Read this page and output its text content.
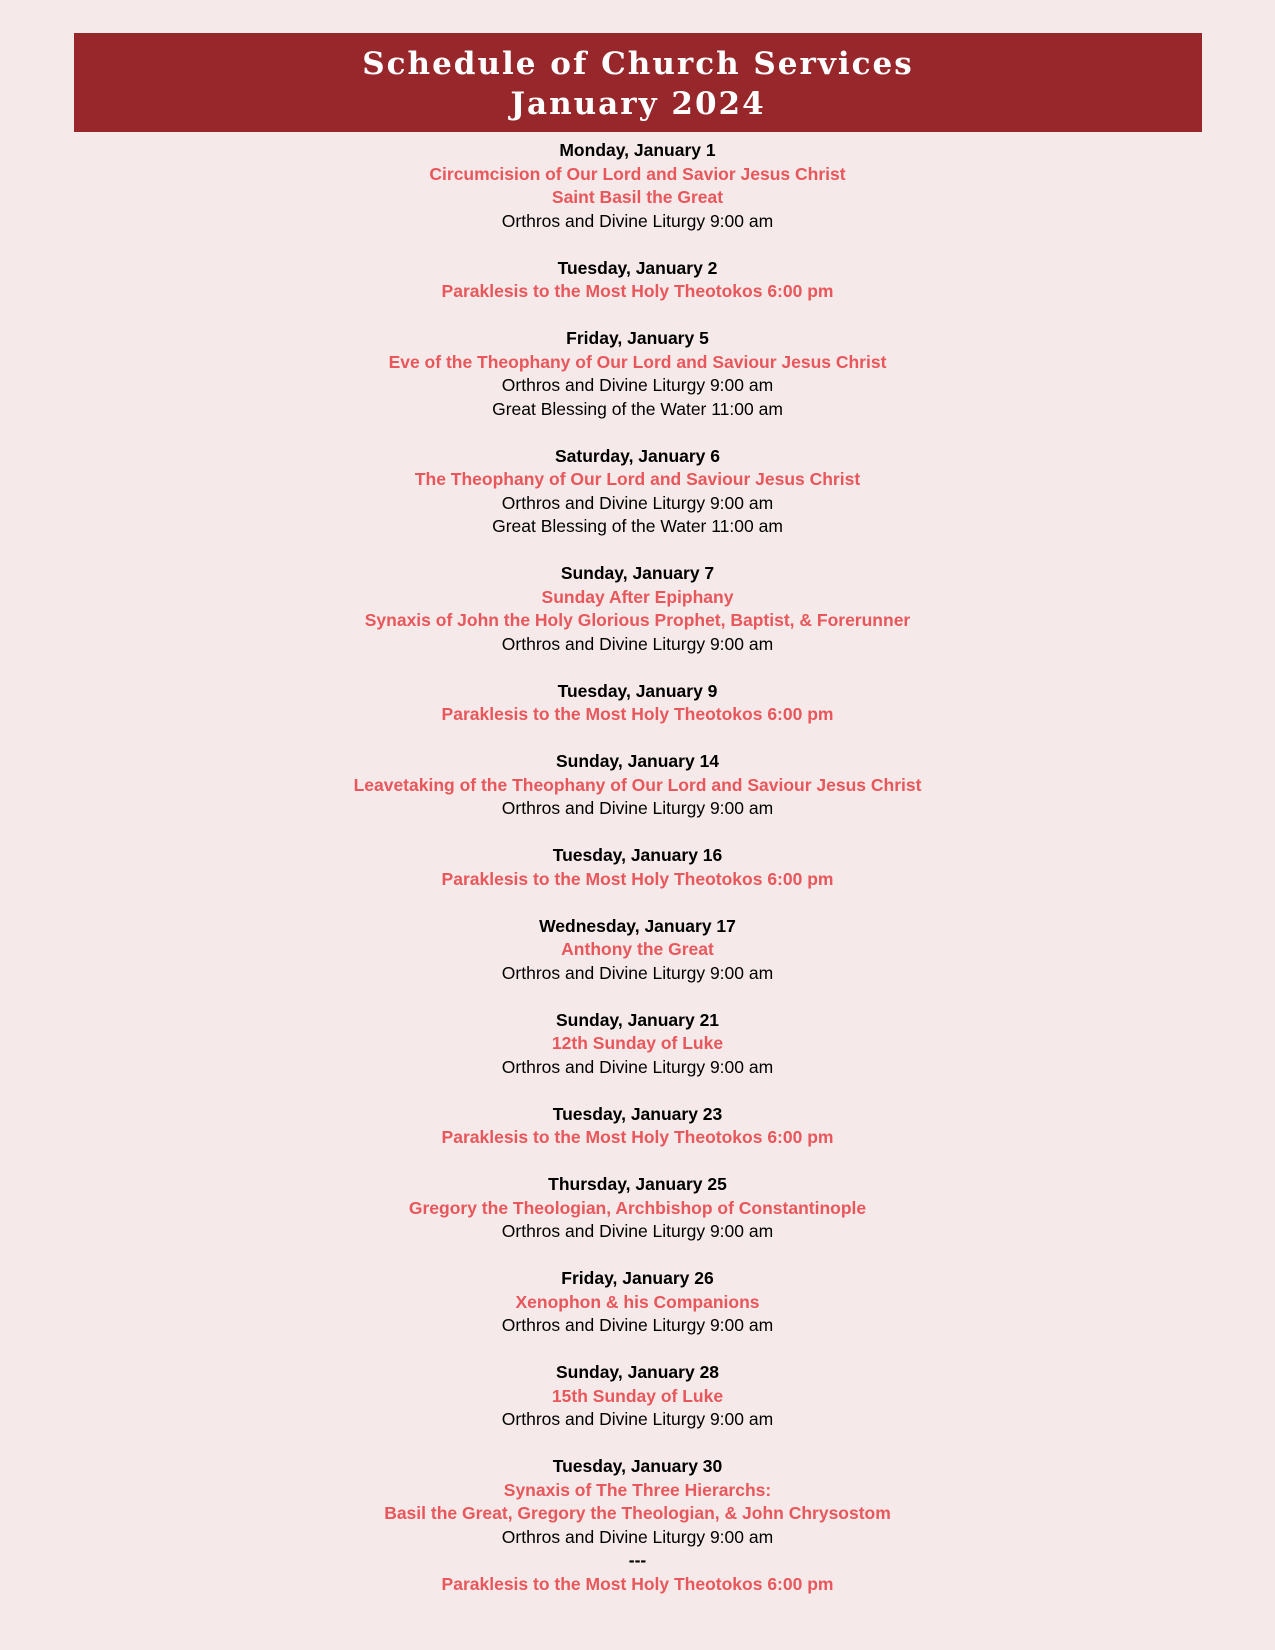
Schedule of Church Services
January 2024
Monday, January 1
Circumcision of Our Lord and Savior Jesus Christ
Saint Basil the Great
Orthros and Divine Liturgy 9:00 am
Tuesday, January 2
Paraklesis to the Most Holy Theotokos 6:00 pm
Friday, January 5
Eve of the Theophany of Our Lord and Saviour Jesus Christ
Orthros and Divine Liturgy 9:00 am
Great Blessing of the Water 11:00 am
Saturday, January 6
The Theophany of Our Lord and Saviour Jesus Christ
Orthros and Divine Liturgy 9:00 am
Great Blessing of the Water 11:00 am
Sunday, January 7
Sunday After Epiphany
Synaxis of John the Holy Glorious Prophet, Baptist, & Forerunner
Orthros and Divine Liturgy 9:00 am
Tuesday, January 9
Paraklesis to the Most Holy Theotokos 6:00 pm
Sunday, January 14
Leavetaking of the Theophany of Our Lord and Saviour Jesus Christ
Orthros and Divine Liturgy 9:00 am
Tuesday, January 16
Paraklesis to the Most Holy Theotokos 6:00 pm
Wednesday, January 17
Anthony the Great
Orthros and Divine Liturgy 9:00 am
Sunday, January 21
12th Sunday of Luke
Orthros and Divine Liturgy 9:00 am
Tuesday, January 23
Paraklesis to the Most Holy Theotokos 6:00 pm
Thursday, January 25
Gregory the Theologian, Archbishop of Constantinople
Orthros and Divine Liturgy 9:00 am
Friday, January 26
Xenophon & his Companions
Orthros and Divine Liturgy 9:00 am
Sunday, January 28
15th Sunday of Luke
Orthros and Divine Liturgy 9:00 am
Tuesday, January 30
Synaxis of The Three Hierarchs:
Basil the Great, Gregory the Theologian, & John Chrysostom
Orthros and Divine Liturgy 9:00 am
---
Paraklesis to the Most Holy Theotokos 6:00 pm
